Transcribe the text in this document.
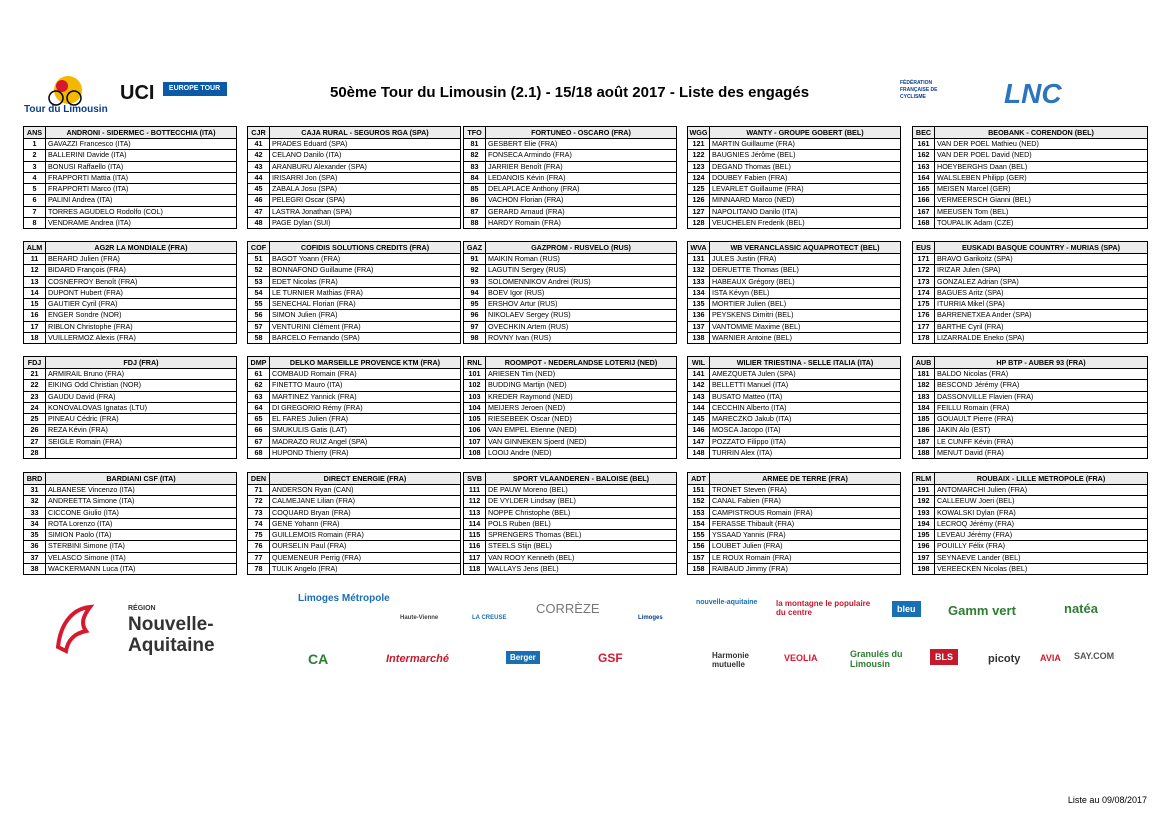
Tour du Limousin
UCI EUROPE TOUR	50ème Tour du Limousin (2.1) - 15/18 août 2017 - Liste des engagés
FÉDÉRATION FRANÇAISE DE CYCLISME	LNC
ANS	ANDRONI - SIDERMEC - BOTTECCHIA (ITA)
1	GAVAZZI Francesco (ITA)
2	BALLERINI Davide (ITA)
3	BONUSI Raffaello (ITA)
4	FRAPPORTI Mattia (ITA)
5	FRAPPORTI Marco (ITA)
6	PALINI Andrea (ITA)
7	TORRES AGUDELO Rodolfo (COL)
8	VENDRAME Andrea (ITA)
CJR	CAJA RURAL - SEGUROS RGA (SPA)
41	PRADES Eduard (SPA)
42	CELANO Danilo (ITA)
43	ARANBURU Alexander (SPA)
44	IRISARRI Jon (SPA)
45	ZABALA Josu (SPA)
46	PELEGRI Oscar (SPA)
47	LASTRA Jonathan (SPA)
48	PAGE Dylan (SUI)
TFO	FORTUNEO - OSCARO (FRA)
81	GESBERT Elie (FRA)
82	FONSECA Armindo (FRA)
83	JARRIER Benoît (FRA)
84	LEDANOIS Kévin (FRA)
85	DELAPLACE Anthony (FRA)
86	VACHON Florian (FRA)
87	GERARD Arnaud (FRA)
88	HARDY Romain (FRA)
WGG	WANTY - GROUPE GOBERT (BEL)
121	MARTIN Guillaume (FRA)
122	BAUGNIES Jérôme (BEL)
123	DEGAND Thomas (BEL)
124	DOUBEY Fabien (FRA)
125	LEVARLET Guillaume (FRA)
126	MINNAARD Marco (NED)
127	NAPOLITANO Danilo (ITA)
128	VEUCHELEN Frederik (BEL)
BEC	BEOBANK - CORENDON (BEL)
161	VAN DER POEL Mathieu (NED)
162	VAN DER POEL David (NED)
163	HOEYBERGHS Daan (BEL)
164	WALSLEBEN Philipp (GER)
165	MEISEN Marcel (GER)
166	VERMEERSCH Gianni (BEL)
167	MEEUSEN Tom (BEL)
168	TOUPALIK Adam (CZE)
ALM	AG2R LA MONDIALE (FRA)
11	BERARD Julien (FRA)
12	BIDARD François (FRA)
13	COSNEFROY Benoît (FRA)
14	DUPONT Hubert (FRA)
15	GAUTIER Cyril (FRA)
16	ENGER Sondre (NOR)
17	RIBLON Christophe (FRA)
18	VUILLERMOZ Alexis (FRA)
COF	COFIDIS SOLUTIONS CREDITS (FRA)
51	BAGOT Yoann (FRA)
52	BONNAFOND Guillaume (FRA)
53	EDET Nicolas (FRA)
54	LE TURNIER Mathias (FRA)
55	SENECHAL Florian (FRA)
56	SIMON Julien (FRA)
57	VENTURINI Clément (FRA)
58	BARCELO Fernando (SPA)
GAZ	GAZPROM - RUSVELO (RUS)
91	MAIKIN Roman (RUS)
92	LAGUTIN Sergey (RUS)
93	SOLOMENNIKOV Andrei (RUS)
94	BOEV Igor (RUS)
95	ERSHOV Artur (RUS)
96	NIKOLAEV Sergey (RUS)
97	OVECHKIN Artem (RUS)
98	ROVNY Ivan (RUS)
WVA	WB VERANCLASSIC AQUAPROTECT (BEL)
131	JULES Justin (FRA)
132	DERUETTE Thomas (BEL)
133	HABEAUX Grégory (BEL)
134	ISTA Kévyn (BEL)
135	MORTIER Julien (BEL)
136	PEYSKENS Dimitri (BEL)
137	VANTOMME Maxime (BEL)
138	WARNIER Antoine (BEL)
EUS	EUSKADI BASQUE COUNTRY - MURIAS (SPA)
171	BRAVO Garikoitz (SPA)
172	IRIZAR Julen (SPA)
173	GONZALEZ Adrian (SPA)
174	BAGUES Aritz (SPA)
175	ITURRIA Mikel (SPA)
176	BARRENETXEA Ander (SPA)
177	BARTHE Cyril (FRA)
178	LIZARRALDE Eneko (SPA)
FDJ	FDJ (FRA)
21	ARMIRAIL Bruno (FRA)
22	EIKING Odd Christian (NOR)
23	GAUDU David (FRA)
24	KONOVALOVAS Ignatas (LTU)
25	PINEAU Cédric (FRA)
26	REZA Kévin (FRA)
27	SEIGLE Romain (FRA)
28
DMP	DELKO MARSEILLE PROVENCE KTM (FRA)
61	COMBAUD Romain (FRA)
62	FINETTO Mauro (ITA)
63	MARTINEZ Yannick (FRA)
64	DI GREGORIO Rémy (FRA)
65	EL FARES Julien (FRA)
66	SMUKULIS Gatis (LAT)
67	MADRAZO RUIZ Angel (SPA)
68	HUPOND Thierry (FRA)
RNL	ROOMPOT - NEDERLANDSE LOTERIJ (NED)
101	ARIESEN Tim (NED)
102	BUDDING Martijn (NED)
103	KREDER Raymond (NED)
104	MEIJERS Jeroen (NED)
105	RIESEBEEK Oscar (NED)
106	VAN EMPEL Etienne (NED)
107	VAN GINNEKEN Sjoerd (NED)
108	LOOIJ Andre (NED)
WIL	WILIER TRIESTINA - SELLE ITALIA (ITA)
141	AMEZQUETA Julen (SPA)
142	BELLETTI Manuel (ITA)
143	BUSATO Matteo (ITA)
144	CECCHIN Alberto (ITA)
145	MARECZKO Jakub (ITA)
146	MOSCA Jacopo (ITA)
147	POZZATO Filippo (ITA)
148	TURRIN Alex (ITA)
AUB	HP BTP - AUBER 93 (FRA)
181	BALDO Nicolas (FRA)
182	BESCOND Jérémy (FRA)
183	DASSONVILLE Flavien (FRA)
184	FEILLU Romain (FRA)
185	GOUAULT Pierre (FRA)
186	JAKIN Alo (EST)
187	LE CUNFF Kévin (FRA)
188	MENUT David (FRA)
BRD	BARDIANI CSF (ITA)
31	ALBANESE Vincenzo (ITA)
32	ANDREETTA Simone (ITA)
33	CICCONE Giulio (ITA)
34	ROTA Lorenzo (ITA)
35	SIMION Paolo (ITA)
36	STERBINI Simone (ITA)
37	VELASCO Simone (ITA)
38	WACKERMANN Luca (ITA)
DEN	DIRECT ENERGIE (FRA)
71	ANDERSON Ryan (CAN)
72	CALMEJANE Lilian (FRA)
73	COQUARD Bryan (FRA)
74	GENE Yohann (FRA)
75	GUILLEMOIS Romain (FRA)
76	OURSELIN Paul (FRA)
77	QUEMENEUR Perrig (FRA)
78	TULIK Angelo (FRA)
SVB	SPORT VLAANDEREN - BALOISE (BEL)
111	DE PAUW Moreno (BEL)
112	DE VYLDER Lindsay (BEL)
113	NOPPE Christophe (BEL)
114	POLS Ruben (BEL)
115	SPRENGERS Thomas (BEL)
116	STEELS Stijn (BEL)
117	VAN ROOY Kenneth (BEL)
118	WALLAYS Jens (BEL)
ADT	ARMEE DE TERRE (FRA)
151	TRONET Steven (FRA)
152	CANAL Fabien (FRA)
153	CAMPISTROUS Romain (FRA)
154	FERASSE Thibault (FRA)
155	YSSAAD Yannis (FRA)
156	LOUBET Julien (FRA)
157	LE ROUX Romain (FRA)
158	RAIBAUD Jimmy (FRA)
RLM	ROUBAIX - LILLE METROPOLE (FRA)
191	ANTOMARCHI Julien (FRA)
192	CALLEEUW Joeri (BEL)
193	KOWALSKI Dylan (FRA)
194	LECROQ Jérémy (FRA)
195	LEVEAU Jérémy (FRA)
196	POUILLY Félix (FRA)
197	SEYNAEVE Lander (BEL)
198	VEREECKEN Nicolas (BEL)
RÉGION
Nouvelle-
Aquitaine
Limoges Métropole
Haute-Vienne	LA CREUSE
CORRÈZE
Limoges
nouvelle-aquitaine la montagne le populaire du centre	bleu	Gamm vert	natéa
CA	Intermarché	Berger	GSF	Harmonie mutuelle
VEOLIA	Granulés du Limousin
BLS	picoty AVIA SAY.COM
Liste au 09/08/2017
